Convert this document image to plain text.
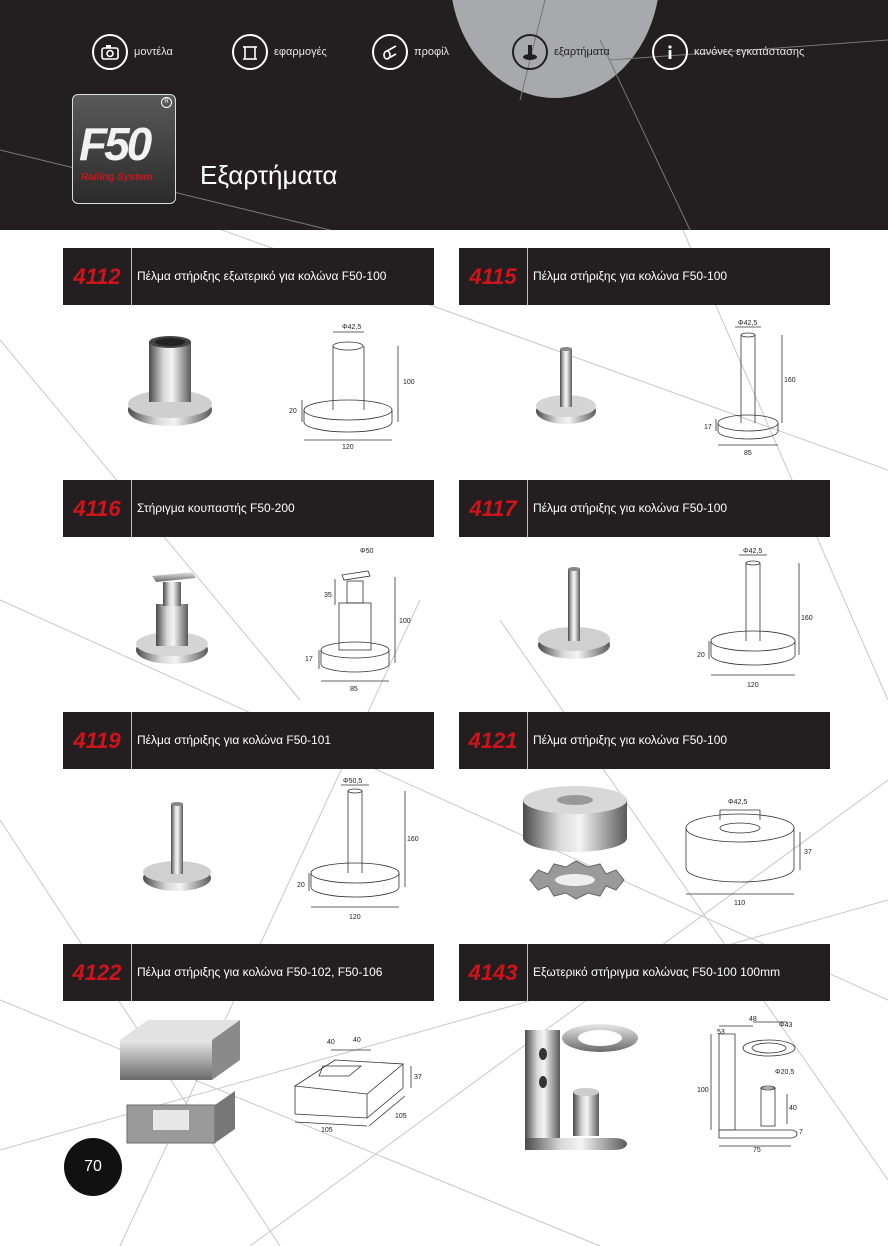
μοντέλα	εφαρμογές	προφίλ	εξαρτήματα	κανόνες εγκατάστασης
R
F50
Railing System Εξαρτήματα
4112	Πέλμα στήριξης εξωτερικό για κολώνα F50-100	4115	Πέλμα στήριξης για κολώνα F50-100
4116	Στήριγμα κουπαστής F50-200	4117	Πέλμα στήριξης για κολώνα F50-100
4119	Πέλμα στήριξης για κολώνα F50-101	4121	Πέλμα στήριξης για κολώνα F50-100
4122	Πέλμα στήριξης για κολώνα F50-102, F50-106	4143	Εξωτερικό στήριγμα κολώνας F50-100 100mm
Φ42,5
100
20
120
Φ42,5
160
17
85
Φ50
35
100
17
85
Φ42,5
160
20
120
Φ50,5
160
20
120
Φ42,5
37
110
40	40
37
105
105
53
48
Φ43
Φ20,5
100
40
7
75
70
